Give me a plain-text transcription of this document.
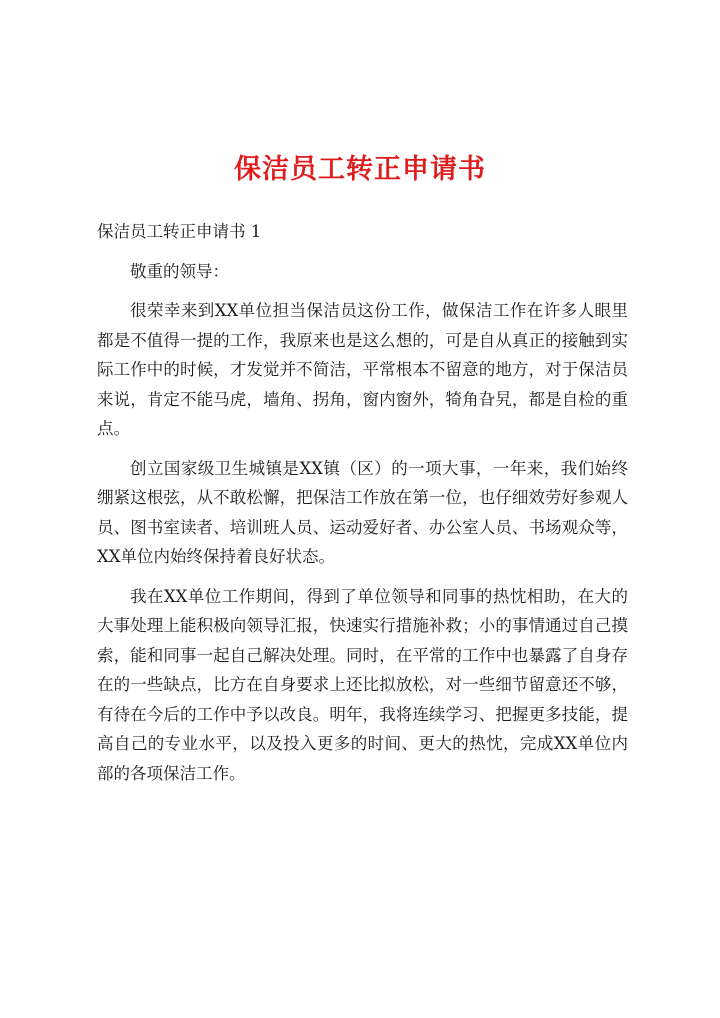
保洁员工转正申请书

保洁员工转正申请书 1

敬重的领导：

很荣幸来到XX单位担当保洁员这份工作，做保洁工作在许多人眼里都是不值得一提的工作，我原来也是这么想的，可是自从真正的接触到实际工作中的时候，才发觉并不简洁，平常根本不留意的地方，对于保洁员来说，肯定不能马虎，墙角、拐角，窗内窗外，犄角旮旯，都是自检的重点。

创立国家级卫生城镇是XX镇（区）的一项大事，一年来，我们始终绷紧这根弦，从不敢松懈，把保洁工作放在第一位，也仔细效劳好参观人员、图书室读者、培训班人员、运动爱好者、办公室人员、书场观众等，XX单位内始终保持着良好状态。

我在XX单位工作期间，得到了单位领导和同事的热忱相助，在大的大事处理上能积极向领导汇报，快速实行措施补救；小的事情通过自己摸索，能和同事一起自己解决处理。同时，在平常的工作中也暴露了自身存在的一些缺点，比方在自身要求上还比拟放松，对一些细节留意还不够，有待在今后的工作中予以改良。明年，我将连续学习、把握更多技能，提高自己的专业水平，以及投入更多的时间、更大的热忱，完成XX单位内部的各项保洁工作。
